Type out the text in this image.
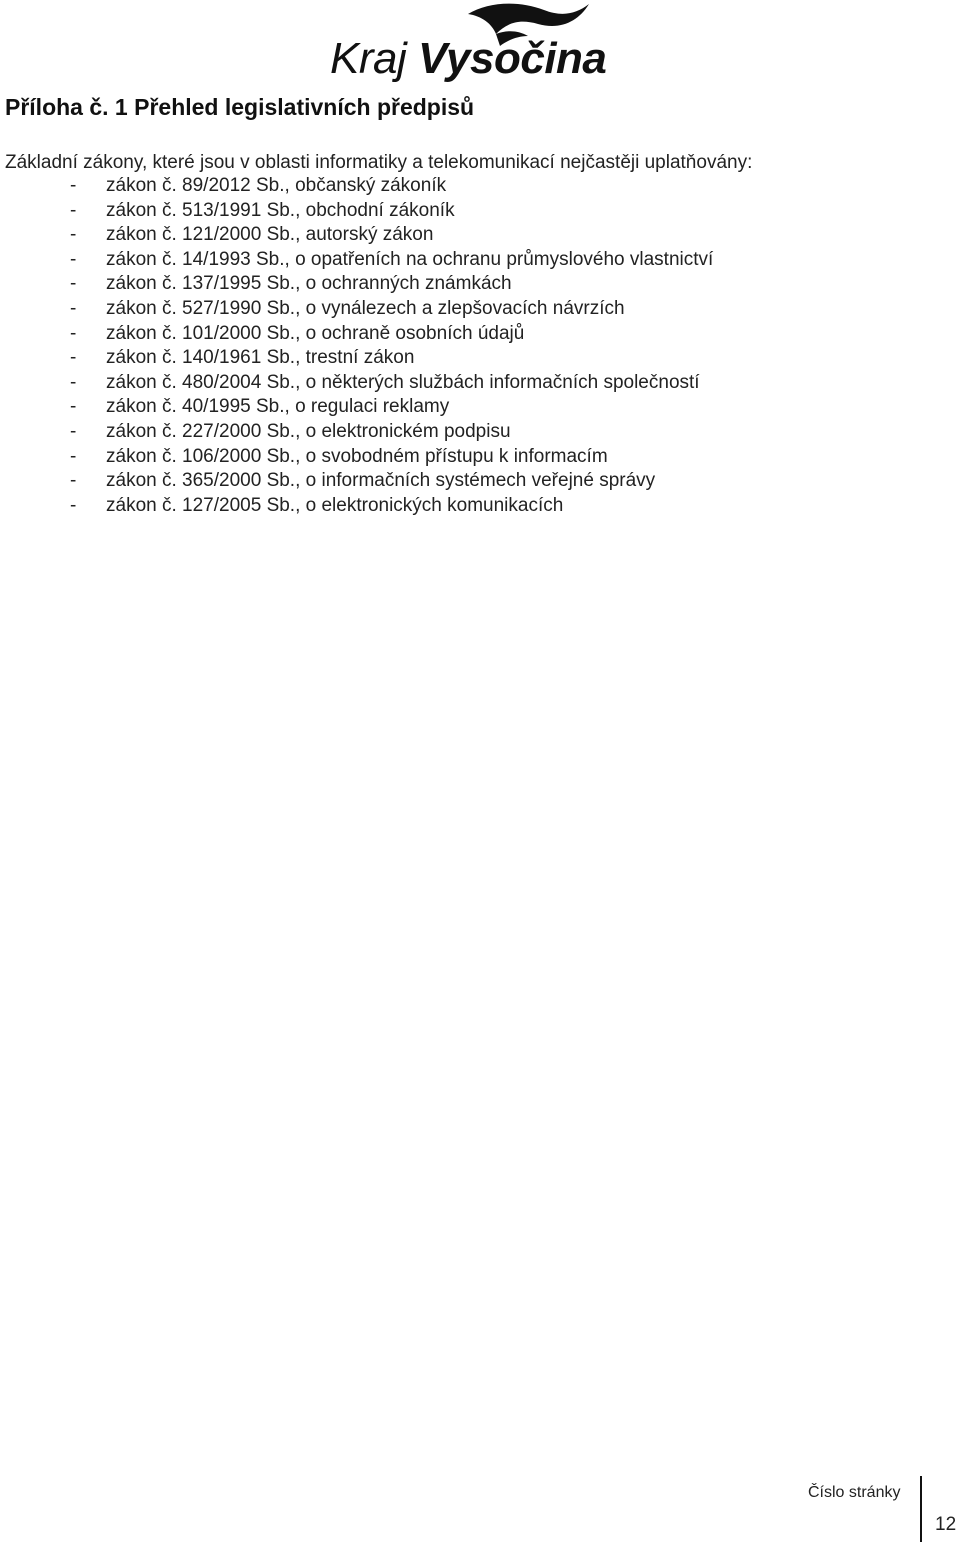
Kraj Vysočina
Příloha č. 1 Přehled legislativních předpisů

Základní zákony, které jsou v oblasti informatiky a telekomunikací nejčastěji uplatňovány:

- zákon č. 89/2012 Sb., občanský zákoník
- zákon č. 513/1991 Sb., obchodní zákoník
- zákon č. 121/2000 Sb., autorský zákon
- zákon č. 14/1993 Sb., o opatřeních na ochranu průmyslového vlastnictví
- zákon č. 137/1995 Sb., o ochranných známkách
- zákon č. 527/1990 Sb., o vynálezech a zlepšovacích návrzích
- zákon č. 101/2000 Sb., o ochraně osobních údajů
- zákon č. 140/1961 Sb., trestní zákon
- zákon č. 480/2004 Sb., o některých službách informačních společností
- zákon č. 40/1995 Sb., o regulaci reklamy
- zákon č. 227/2000 Sb., o elektronickém podpisu
- zákon č. 106/2000 Sb., o svobodném přístupu k informacím
- zákon č. 365/2000 Sb., o informačních systémech veřejné správy
- zákon č. 127/2005 Sb., o elektronických komunikacích
Číslo stránky
12
